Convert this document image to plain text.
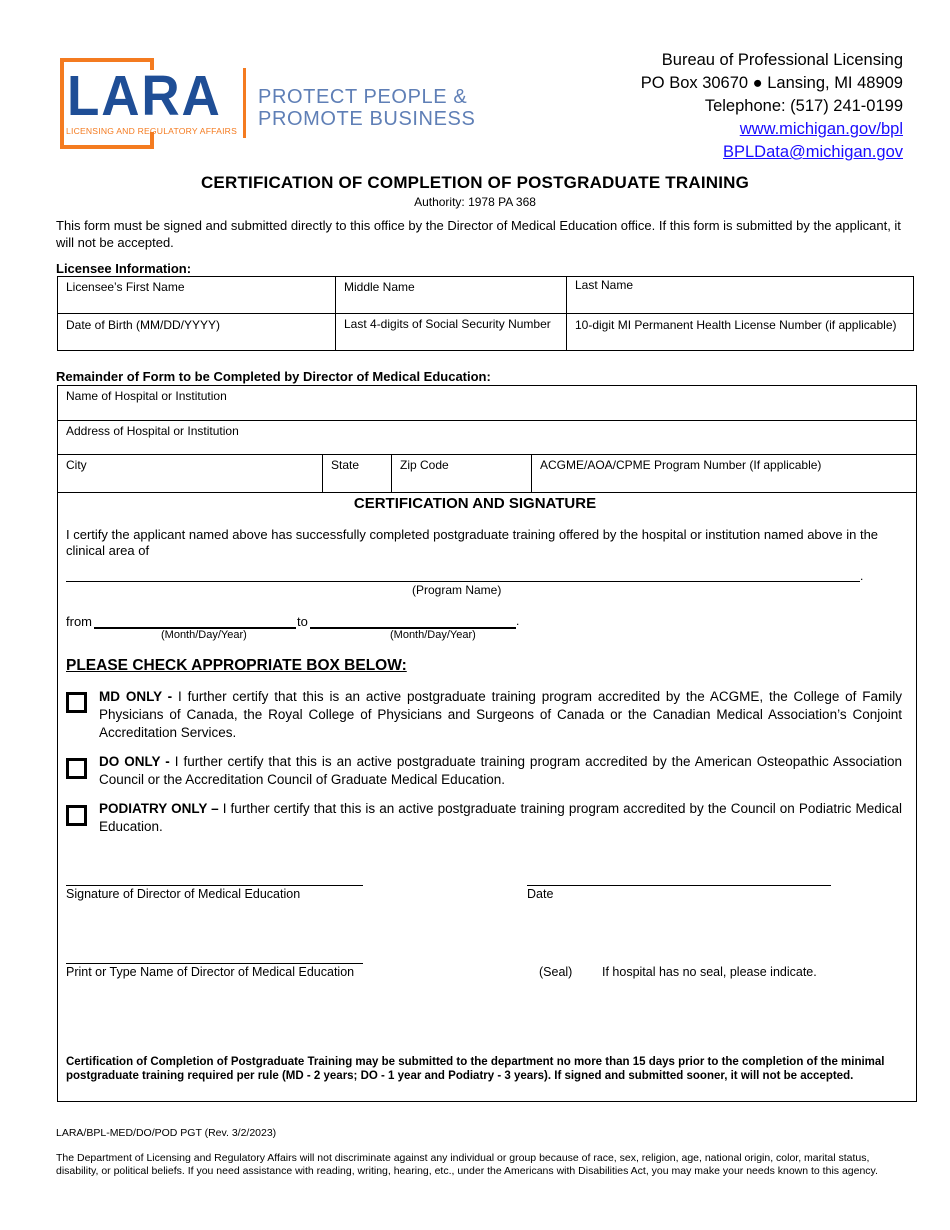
LARA
LICENSING AND REGULATORY AFFAIRS
PROTECT PEOPLE &
PROMOTE BUSINESS
Bureau of Professional Licensing
PO Box 30670 ● Lansing, MI 48909
Telephone: (517) 241-0199
www.michigan.gov/bpl
BPLData@michigan.gov
CERTIFICATION OF COMPLETION OF POSTGRADUATE TRAINING
Authority: 1978 PA 368
This form must be signed and submitted directly to this office by the Director of Medical Education office. If this form is submitted by the applicant, it will not be accepted.
Licensee Information:
Licensee’s First Name	Middle Name	Last Name
Date of Birth (MM/DD/YYYY)	Last 4-digits of Social Security Number	10-digit MI Permanent Health License Number (if applicable)
Remainder of Form to be Completed by Director of Medical Education:
Name of Hospital or Institution
Address of Hospital or Institution
City	State	Zip Code	ACGME/AOA/CPME Program Number (If applicable)
CERTIFICATION AND SIGNATURE
I certify the applicant named above has successfully completed postgraduate training offered by the hospital or institution named above in the clinical area of
.
(Program Name)
from
(Month/Day/Year)
to	.
(Month/Day/Year)
PLEASE CHECK APPROPRIATE BOX BELOW:
MD ONLY - I further certify that this is an active postgraduate training program accredited by the ACGME, the College of Family Physicians of Canada, the Royal College of Physicians and Surgeons of Canada or the Canadian Medical Association’s Conjoint Accreditation Services.
DO ONLY - I further certify that this is an active postgraduate training program accredited by the American Osteopathic Association Council or the Accreditation Council of Graduate Medical Education.
PODIATRY ONLY – I further certify that this is an active postgraduate training program accredited by the Council on Podiatric Medical Education.
Signature of Director of Medical Education	Date
Print or Type Name of Director of Medical Education	(Seal) If hospital has no seal, please indicate.
Certification of Completion of Postgraduate Training may be submitted to the department no more than 15 days prior to the completion of the minimal postgraduate training required per rule (MD - 2 years; DO - 1 year and Podiatry - 3 years). If signed and submitted sooner, it will not be accepted.
LARA/BPL-MED/DO/POD PGT (Rev. 3/2/2023)
The Department of Licensing and Regulatory Affairs will not discriminate against any individual or group because of race, sex, religion, age, national origin, color, marital status, disability, or political beliefs. If you need assistance with reading, writing, hearing, etc., under the Americans with Disabilities Act, you may make your needs known to this agency.
